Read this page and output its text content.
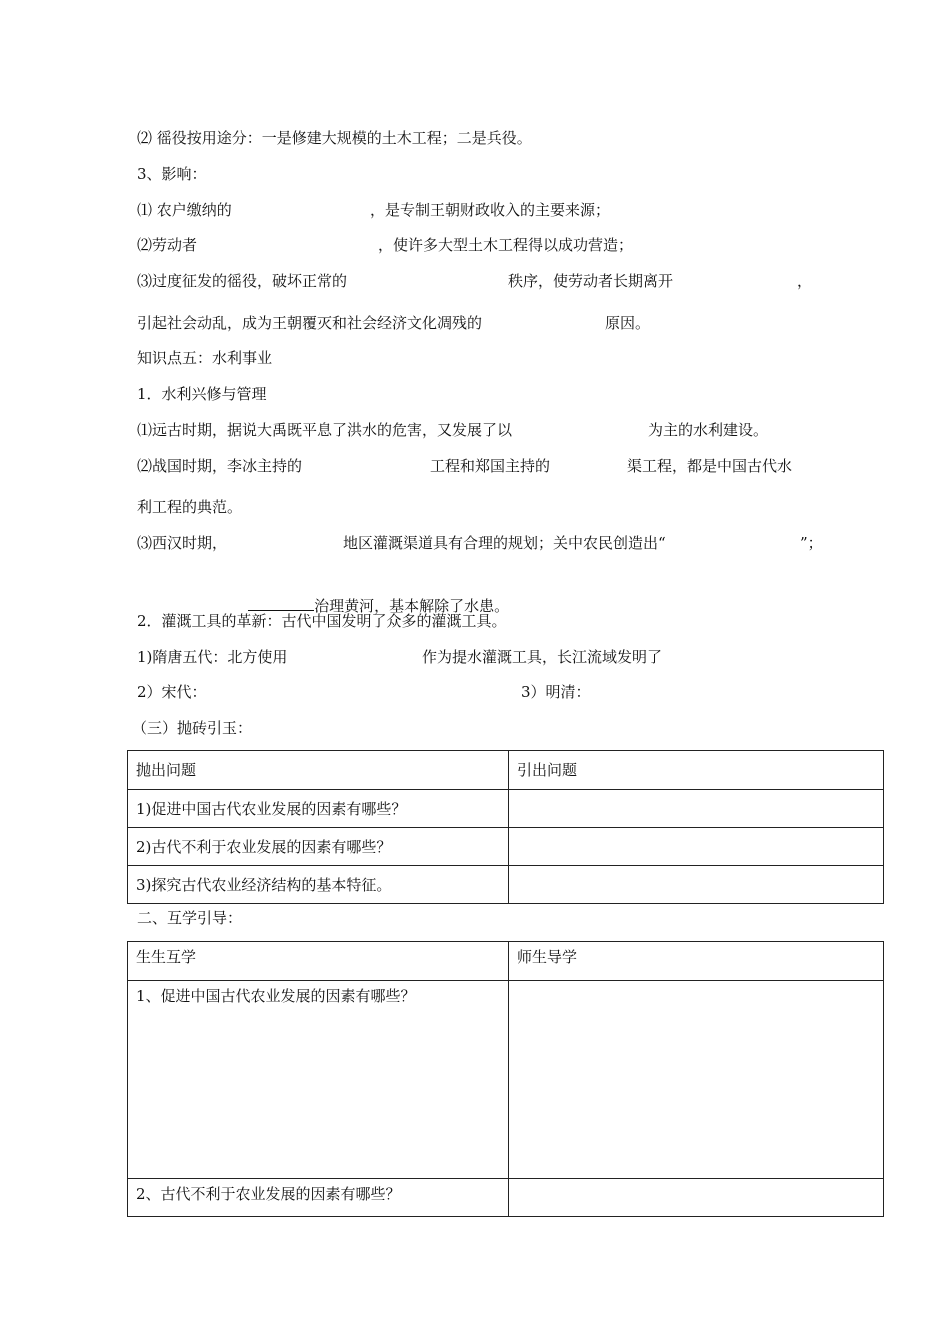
⑵ 徭役按用途分：一是修建大规模的土木工程；二是兵役。
3、影响：
⑴ 农户缴纳的	，是专制王朝财政收入的主要来源；
⑵劳动者	，使许多大型土木工程得以成功营造；
⑶过度征发的徭役，破坏正常的	秩序，使劳动者长期离开	，
引起社会动乱，成为王朝覆灭和社会经济文化凋残的	原因。
知识点五：水利事业
1．水利兴修与管理
⑴远古时期，据说大禹既平息了洪水的危害，又发展了以	为主的水利建设。
⑵战国时期，李冰主持的	工程和郑国主持的	渠工程，都是中国古代水
利工程的典范。
⑶西汉时期，	地区灌溉渠道具有合理的规划；关中农民创造出“	”；

治理黄河，基本解除了水患。

2．灌溉工具的革新：古代中国发明了众多的灌溉工具。
1)隋唐五代：北方使用	作为提水灌溉工具，长江流域发明了
2）宋代：	3）明清：
（三）抛砖引玉：
抛出问题	引出问题
1)促进中国古代农业发展的因素有哪些？	
2)古代不利于农业发展的因素有哪些？	
3)探究古代农业经济结构的基本特征。	
二、互学引导：
生生互学	师生导学
1、促进中国古代农业发展的因素有哪些？	
2、古代不利于农业发展的因素有哪些？	
